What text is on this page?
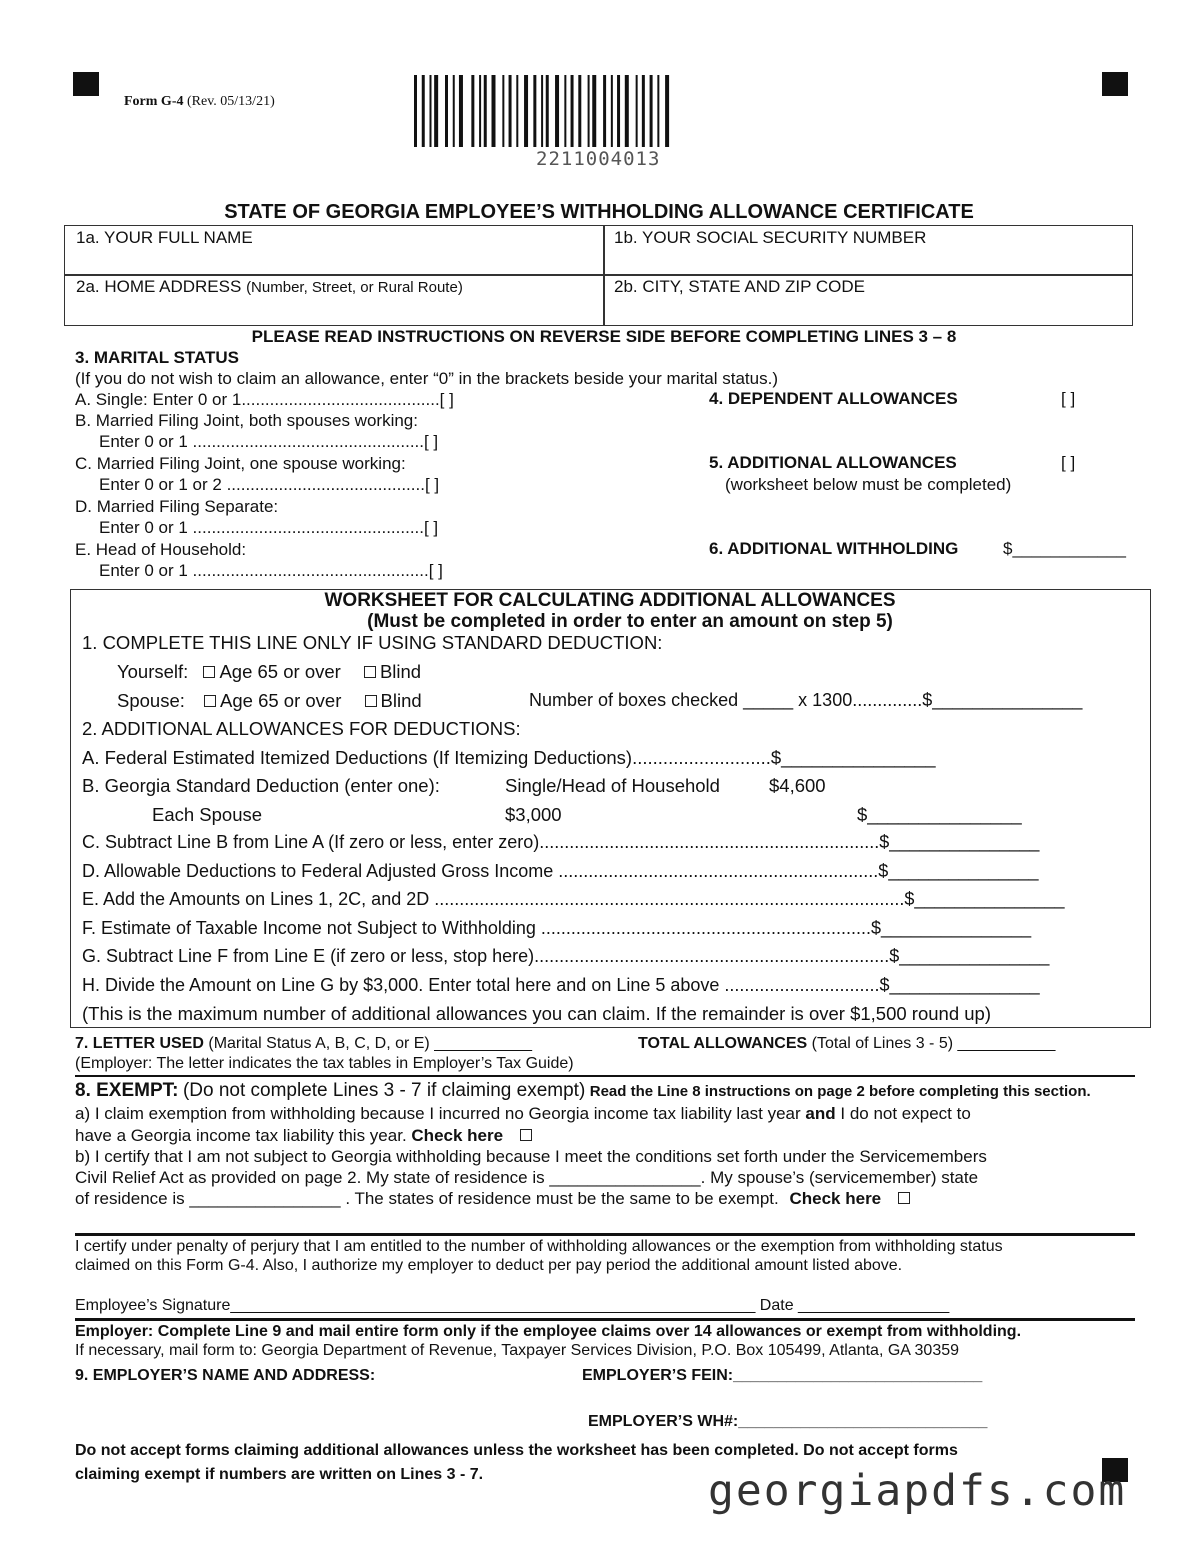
Form G-4 (Rev. 05/13/21)
2211004013
STATE OF GEORGIA EMPLOYEE’S WITHHOLDING ALLOWANCE CERTIFICATE
1a. YOUR FULL NAME	1b. YOUR SOCIAL SECURITY NUMBER
2a. HOME ADDRESS (Number, Street, or Rural Route)	2b. CITY, STATE AND ZIP CODE
PLEASE READ INSTRUCTIONS ON REVERSE SIDE BEFORE COMPLETING LINES 3 – 8
3. MARITAL STATUS
(If you do not wish to claim an allowance, enter “0” in the brackets beside your marital status.)
A. Single: Enter 0 or 1..........................................[ ]
B. Married Filing Joint, both spouses working:
Enter 0 or 1 .................................................[ ]
C. Married Filing Joint, one spouse working:
Enter 0 or 1 or 2 ..........................................[ ]
D. Married Filing Separate:
Enter 0 or 1 .................................................[ ]
E. Head of Household:
Enter 0 or 1 ..................................................[ ]
4. DEPENDENT ALLOWANCES	[ ]
5. ADDITIONAL ALLOWANCES	[ ]
(worksheet below must be completed)
6. ADDITIONAL WITHHOLDING	$____________
WORKSHEET FOR CALCULATING ADDITIONAL ALLOWANCES
(Must be completed in order to enter an amount on step 5)
1. COMPLETE THIS LINE ONLY IF USING STANDARD DEDUCTION:
Yourself: Age 65 or over Blind
Spouse: Age 65 or over Blind	Number of boxes checked _____ x 1300..............$_______________
2. ADDITIONAL ALLOWANCES FOR DEDUCTIONS:
A. Federal Estimated Itemized Deductions (If Itemizing Deductions)...........................$_______________
B. Georgia Standard Deduction (enter one):	Single/Head of Household	$4,600
Each Spouse	$3,000	$_______________
C. Subtract Line B from Line A (If zero or less, enter zero)....................................................................$_______________
D. Allowable Deductions to Federal Adjusted Gross Income ................................................................$_______________
E. Add the Amounts on Lines 1, 2C, and 2D ..............................................................................................$_______________
F. Estimate of Taxable Income not Subject to Withholding ..................................................................$_______________
G. Subtract Line F from Line E (if zero or less, stop here).......................................................................$_______________
H. Divide the Amount on Line G by $3,000. Enter total here and on Line 5 above ...............................$_______________
(This is the maximum number of additional allowances you can claim. If the remainder is over $1,500 round up)
7. LETTER USED (Marital Status A, B, C, D, or E) ___________	TOTAL ALLOWANCES (Total of Lines 3 - 5) ___________
(Employer: The letter indicates the tax tables in Employer’s Tax Guide)
8. EXEMPT: (Do not complete Lines 3 - 7 if claiming exempt) Read the Line 8 instructions on page 2 before completing this section.
a) I claim exemption from withholding because I incurred no Georgia income tax liability last year and I do not expect to
have a Georgia income tax liability this year. Check here
b) I certify that I am not subject to Georgia withholding because I meet the conditions set forth under the Servicemembers
Civil Relief Act as provided on page 2. My state of residence is ________________. My spouse’s (servicemember) state
of residence is ________________ . The states of residence must be the same to be exempt. Check here
I certify under penalty of perjury that I am entitled to the number of withholding allowances or the exemption from withholding status
claimed on this Form G-4. Also, I authorize my employer to deduct per pay period the additional amount listed above.
Employee’s Signature___________________________________________________________ Date _________________
Employer: Complete Line 9 and mail entire form only if the employee claims over 14 allowances or exempt from withholding.
If necessary, mail form to: Georgia Department of Revenue, Taxpayer Services Division, P.O. Box 105499, Atlanta, GA 30359
9. EMPLOYER’S NAME AND ADDRESS:	EMPLOYER’S FEIN:____________________________
EMPLOYER’S WH#:____________________________
Do not accept forms claiming additional allowances unless the worksheet has been completed. Do not accept forms
claiming exempt if numbers are written on Lines 3 - 7.	georgiapdfs.com
